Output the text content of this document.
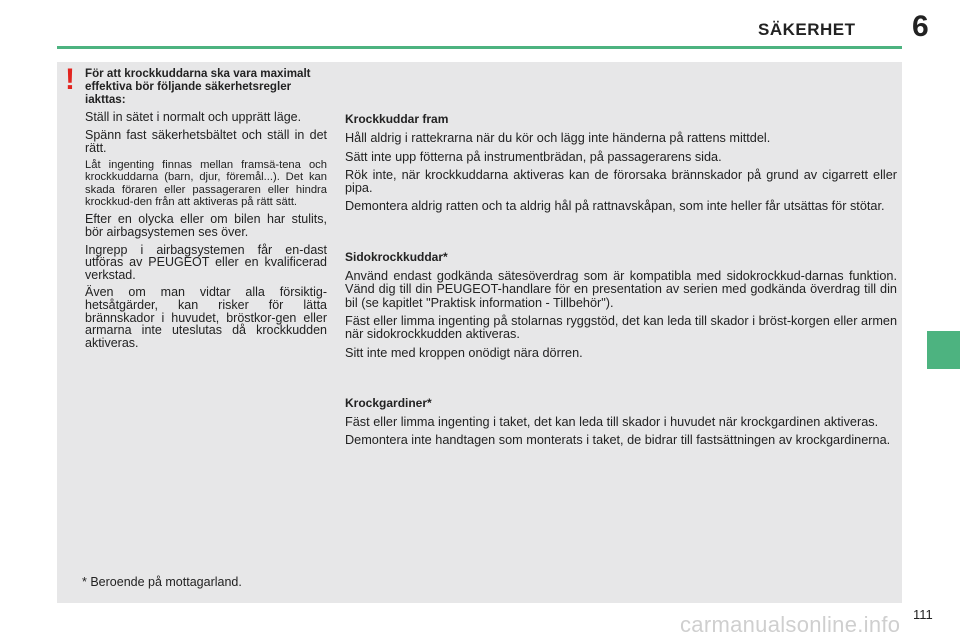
SÄKERHET 6
! För att krockkuddarna ska vara maximalt effektiva bör följande säkerhetsregler iakttas:

Ställ in sätet i normalt och upprätt läge.

Spänn fast säkerhetsbältet och ställ in det rätt.

Låt ingenting finnas mellan framsä-tena och krockkuddarna (barn, djur, föremål...). Det kan skada föraren eller passageraren eller hindra krockkud-den från att aktiveras på rätt sätt.

Efter en olycka eller om bilen har stulits, bör airbagsystemen ses över.

Ingrepp i airbagsystemen får en-dast utföras av PEUGEOT eller en kvalificerad verkstad.

Även om man vidtar alla försiktig-hetsåtgärder, kan risker för lätta brännskador i huvudet, bröstkor-gen eller armarna inte uteslutas då krockkudden aktiveras.

Krockkuddar fram

Håll aldrig i rattekrarna när du kör och lägg inte händerna på rattens mittdel.

Sätt inte upp fötterna på instrumentbrädan, på passagerarens sida.

Rök inte, när krockkuddarna aktiveras kan de förorsaka brännskador på grund av cigarrett eller pipa.

Demontera aldrig ratten och ta aldrig hål på rattnavskåpan, som inte heller får utsättas för stötar.

Sidokrockkuddar*

Använd endast godkända sätesöverdrag som är kompatibla med sidokrockkud-darnas funktion. Vänd dig till din PEUGEOT-handlare för en presentation av serien med godkända överdrag till din bil (se kapitlet "Praktisk information - Tillbehör").

Fäst eller limma ingenting på stolarnas ryggstöd, det kan leda till skador i bröst-korgen eller armen när sidokrockkudden aktiveras.

Sitt inte med kroppen onödigt nära dörren.

Krockgardiner*

Fäst eller limma ingenting i taket, det kan leda till skador i huvudet när krockgardinen aktiveras.

Demontera inte handtagen som monterats i taket, de bidrar till fastsättningen av krockgardinerna.

* Beroende på mottagarland.
carmanualsonline.info 111
